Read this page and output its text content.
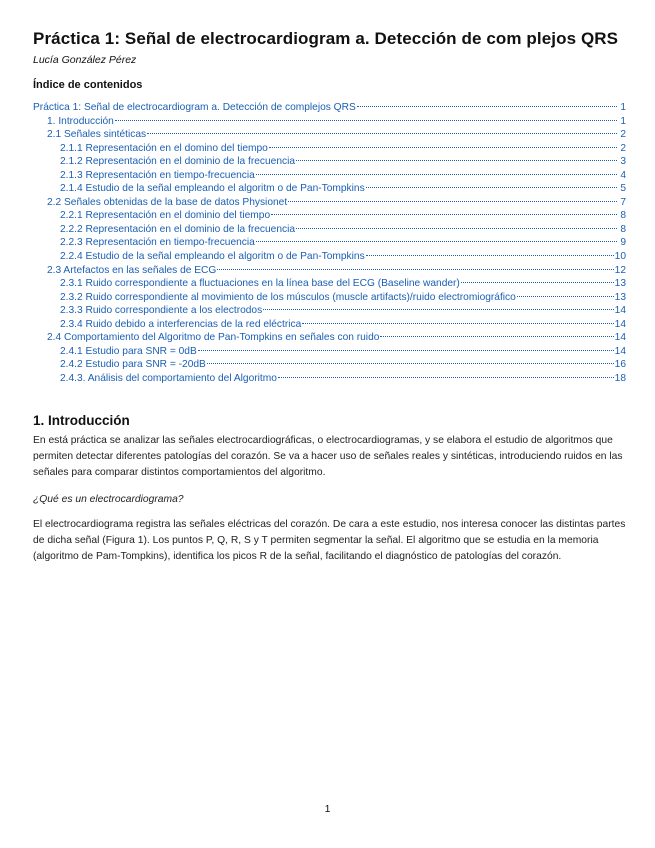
Práctica 1: Señal de electrocardiogram a. Detección de com plejos QRS
Lucía González Pérez
Índice de contenidos
Práctica 1: Señal de electrocardiogram a. Detección de complejos QRS	1
1. Introducción	1
2.1 Señales sintéticas	2
2.1.1 Representación en el domino del tiempo	2
2.1.2 Representación en el dominio de la frecuencia	3
2.1.3 Representación en tiempo-frecuencia	4
2.1.4 Estudio de la señal empleando el algoritm o de Pan-Tompkins	5
2.2 Señales obtenidas de la base de datos Physionet	7
2.2.1 Representación en el dominio del tiempo	8
2.2.2 Representación en el dominio de la frecuencia	8
2.2.3 Representación en tiempo-frecuencia	9
2.2.4 Estudio de la señal empleando el algoritm o de Pan-Tompkins	10
2.3 Artefactos en las señales de ECG	12
2.3.1 Ruido correspondiente a fluctuaciones en la línea base del ECG (Baseline wander)	13
2.3.2 Ruido correspondiente al movimiento de los músculos (muscle artifacts)/ruido electromiográfico	13
2.3.3 Ruido correspondiente a los electrodos	14
2.3.4 Ruido debido a interferencias de la red eléctrica	14
2.4 Comportamiento del Algoritmo de Pan-Tompkins en señales con ruido	14
2.4.1 Estudio para SNR = 0dB	14
2.4.2 Estudio para SNR = -20dB	16
2.4.3. Análisis del comportamiento del Algoritmo	18
1. Introducción
En está práctica se analizar las señales electrocardiográficas, o electrocardiogramas, y se elabora el estudio de algoritmos que permiten detectar diferentes patologías del corazón. Se va a hacer uso de señales reales y sintéticas, introduciendo ruidos en las señales para comparar distintos comportamientos del algoritmo.
¿Qué es un electrocardiograma?
El electrocardiograma registra las señales eléctricas del corazón. De cara a este estudio, nos interesa conocer las distintas partes de dicha señal (Figura 1). Los puntos P, Q, R, S y T permiten segmentar la señal. El algoritmo que se estudia en la memoria (algoritmo de Pam-Tompkins), identifica los picos R de la señal, facilitando el diagnóstico de patologías del corazón.
1
